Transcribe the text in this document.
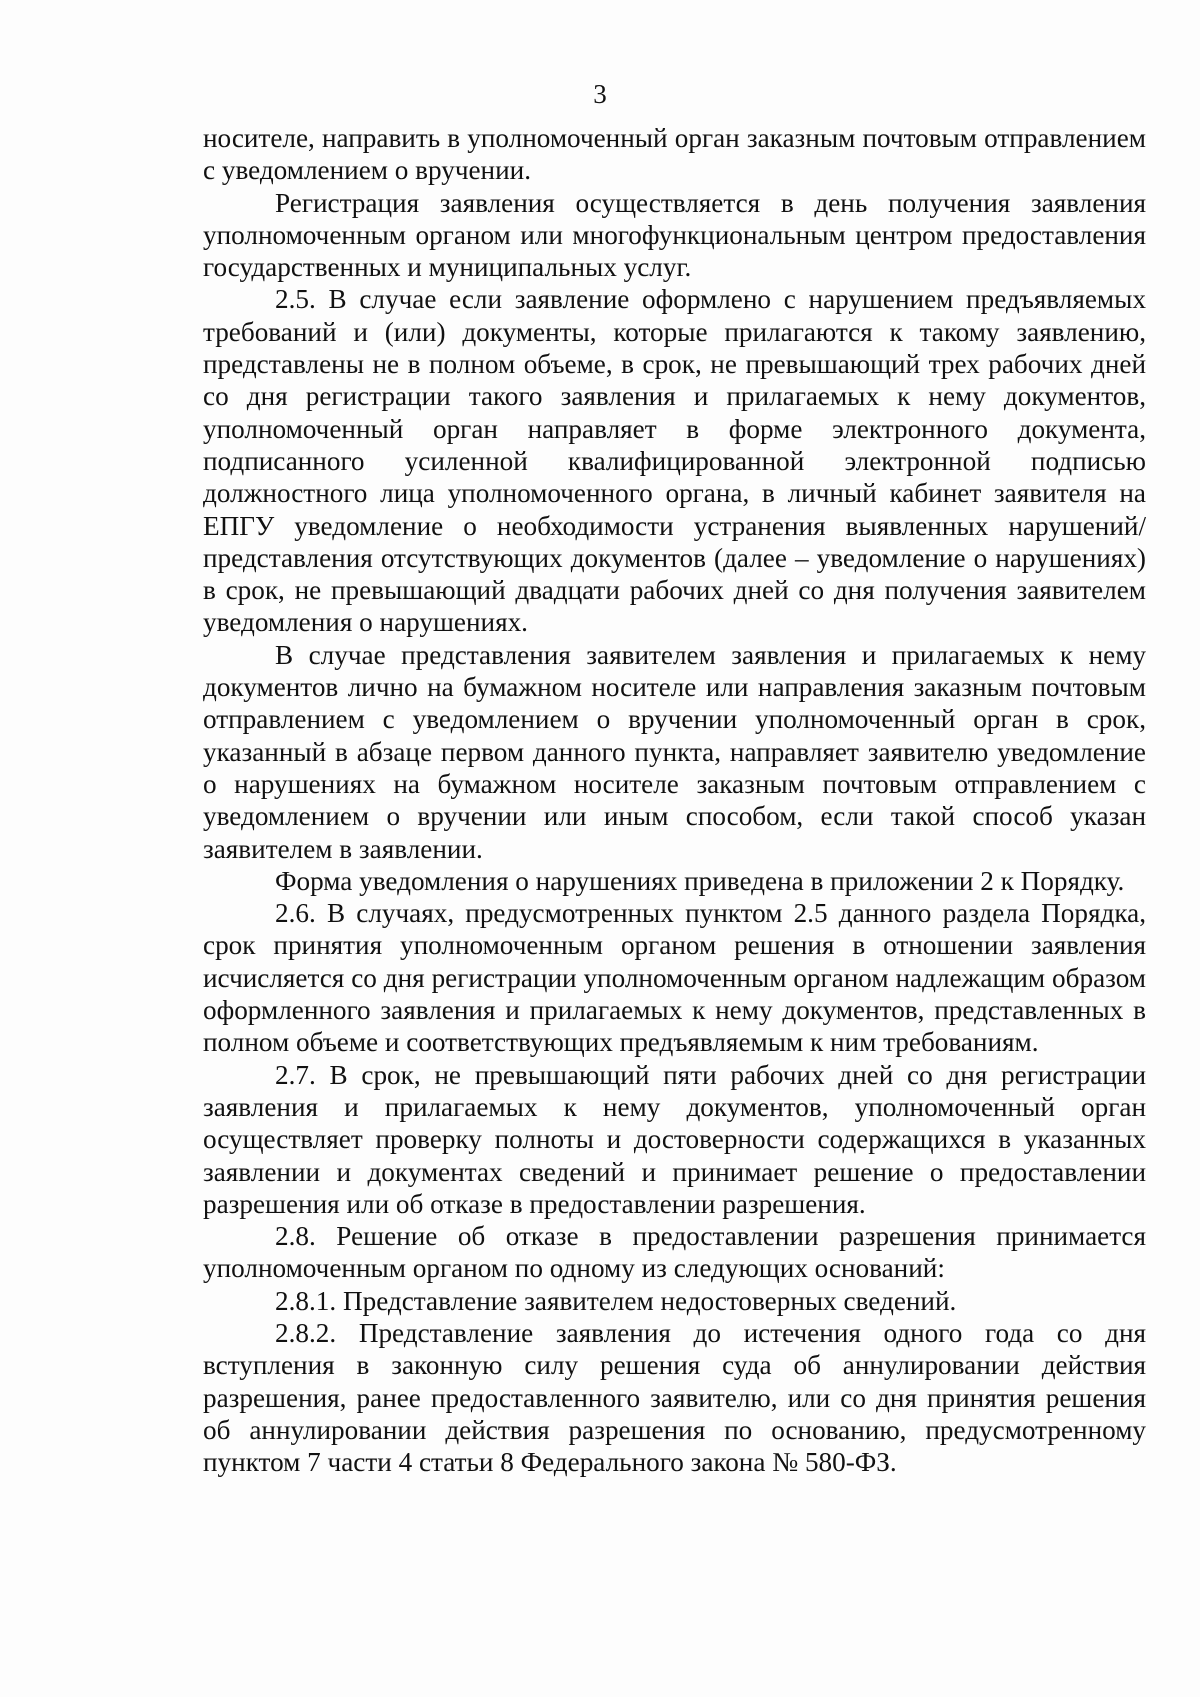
3

носителе, направить в уполномоченный орган заказным почтовым отправлением с уведомлением о вручении.

Регистрация заявления осуществляется в день получения заявления уполномоченным органом или многофункциональным центром предоставления государственных и муниципальных услуг.

2.5. В случае если заявление оформлено с нарушением предъявляемых требований и (или) документы, которые прилагаются к такому заявлению, представлены не в полном объеме, в срок, не превышающий трех рабочих дней со дня регистрации такого заявления и прилагаемых к нему документов, уполномоченный орган направляет в форме электронного документа, подписанного усиленной квалифицированной электронной подписью должностного лица уполномоченного органа, в личный кабинет заявителя на ЕПГУ уведомление о необходимости устранения выявленных нарушений/ представления отсутствующих документов (далее – уведомление о нарушениях) в срок, не превышающий двадцати рабочих дней со дня получения заявителем уведомления о нарушениях.

В случае представления заявителем заявления и прилагаемых к нему документов лично на бумажном носителе или направления заказным почтовым отправлением с уведомлением о вручении уполномоченный орган в срок, указанный в абзаце первом данного пункта, направляет заявителю уведомление о нарушениях на бумажном носителе заказным почтовым отправлением с уведомлением о вручении или иным способом, если такой способ указан заявителем в заявлении.

Форма уведомления о нарушениях приведена в приложении 2 к Порядку.

2.6. В случаях, предусмотренных пунктом 2.5 данного раздела Порядка, срок принятия уполномоченным органом решения в отношении заявления исчисляется со дня регистрации уполномоченным органом надлежащим образом оформленного заявления и прилагаемых к нему документов, представленных в полном объеме и соответствующих предъявляемым к ним требованиям.

2.7. В срок, не превышающий пяти рабочих дней со дня регистрации заявления и прилагаемых к нему документов, уполномоченный орган осуществляет проверку полноты и достоверности содержащихся в указанных заявлении и документах сведений и принимает решение о предоставлении разрешения или об отказе в предоставлении разрешения.

2.8. Решение об отказе в предоставлении разрешения принимается уполномоченным органом по одному из следующих оснований:

2.8.1. Представление заявителем недостоверных сведений.

2.8.2. Представление заявления до истечения одного года со дня вступления в законную силу решения суда об аннулировании действия разрешения, ранее предоставленного заявителю, или со дня принятия решения об аннулировании действия разрешения по основанию, предусмотренному пунктом 7 части 4 статьи 8 Федерального закона № 580-ФЗ.
